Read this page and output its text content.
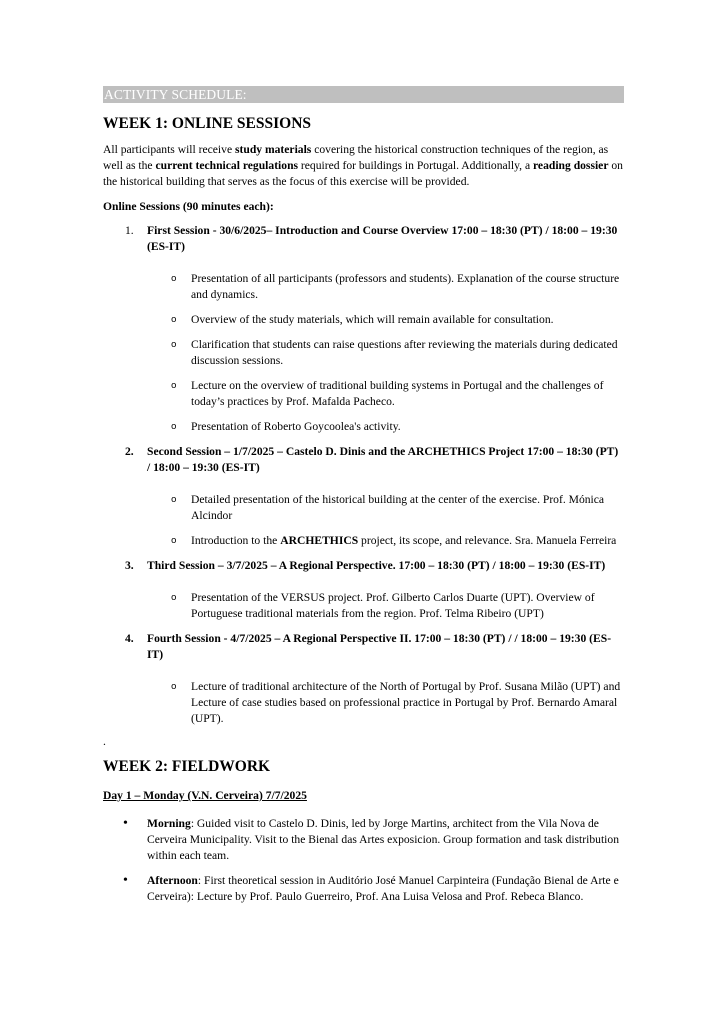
ACTIVITY SCHEDULE:
WEEK 1: ONLINE SESSIONS

All participants will receive study materials covering the historical construction techniques of the region, as well as the current technical regulations required for buildings in Portugal. Additionally, a reading dossier on the historical building that serves as the focus of this exercise will be provided.

Online Sessions (90 minutes each):

1. First Session - 30/6/2025– Introduction and Course Overview 17:00 – 18:30 (PT) / 18:00 – 19:30 (ES-IT)
o Presentation of all participants (professors and students). Explanation of the course structure and dynamics.
o Overview of the study materials, which will remain available for consultation.
o Clarification that students can raise questions after reviewing the materials during dedicated discussion sessions.
o Lecture on the overview of traditional building systems in Portugal and the challenges of today’s practices by Prof. Mafalda Pacheco.
o Presentation of Roberto Goycoolea's activity.
2. Second Session – 1/7/2025 – Castelo D. Dinis and the ARCHETHICS Project 17:00 – 18:30 (PT) / 18:00 – 19:30 (ES-IT)
o Detailed presentation of the historical building at the center of the exercise. Prof. Mónica Alcindor
o Introduction to the ARCHETHICS project, its scope, and relevance. Sra. Manuela Ferreira
3. Third Session – 3/7/2025 – A Regional Perspective. 17:00 – 18:30 (PT) / 18:00 – 19:30 (ES-IT)
o Presentation of the VERSUS project. Prof. Gilberto Carlos Duarte (UPT). Overview of Portuguese traditional materials from the region. Prof. Telma Ribeiro (UPT)
4. Fourth Session - 4/7/2025 – A Regional Perspective II. 17:00 – 18:30 (PT) / / 18:00 – 19:30 (ES-IT)
o Lecture of traditional architecture of the North of Portugal by Prof. Susana Milão (UPT) and Lecture of case studies based on professional practice in Portugal by Prof. Bernardo Amaral (UPT).
.
WEEK 2: FIELDWORK

Day 1 – Monday (V.N. Cerveira) 7/7/2025

• Morning: Guided visit to Castelo D. Dinis, led by Jorge Martins, architect from the Vila Nova de Cerveira Municipality. Visit to the Bienal das Artes exposicion. Group formation and task distribution within each team.
• Afternoon: First theoretical session in Auditório José Manuel Carpinteira (Fundação Bienal de Arte e Cerveira): Lecture by Prof. Paulo Guerreiro, Prof. Ana Luisa Velosa and Prof. Rebeca Blanco.
